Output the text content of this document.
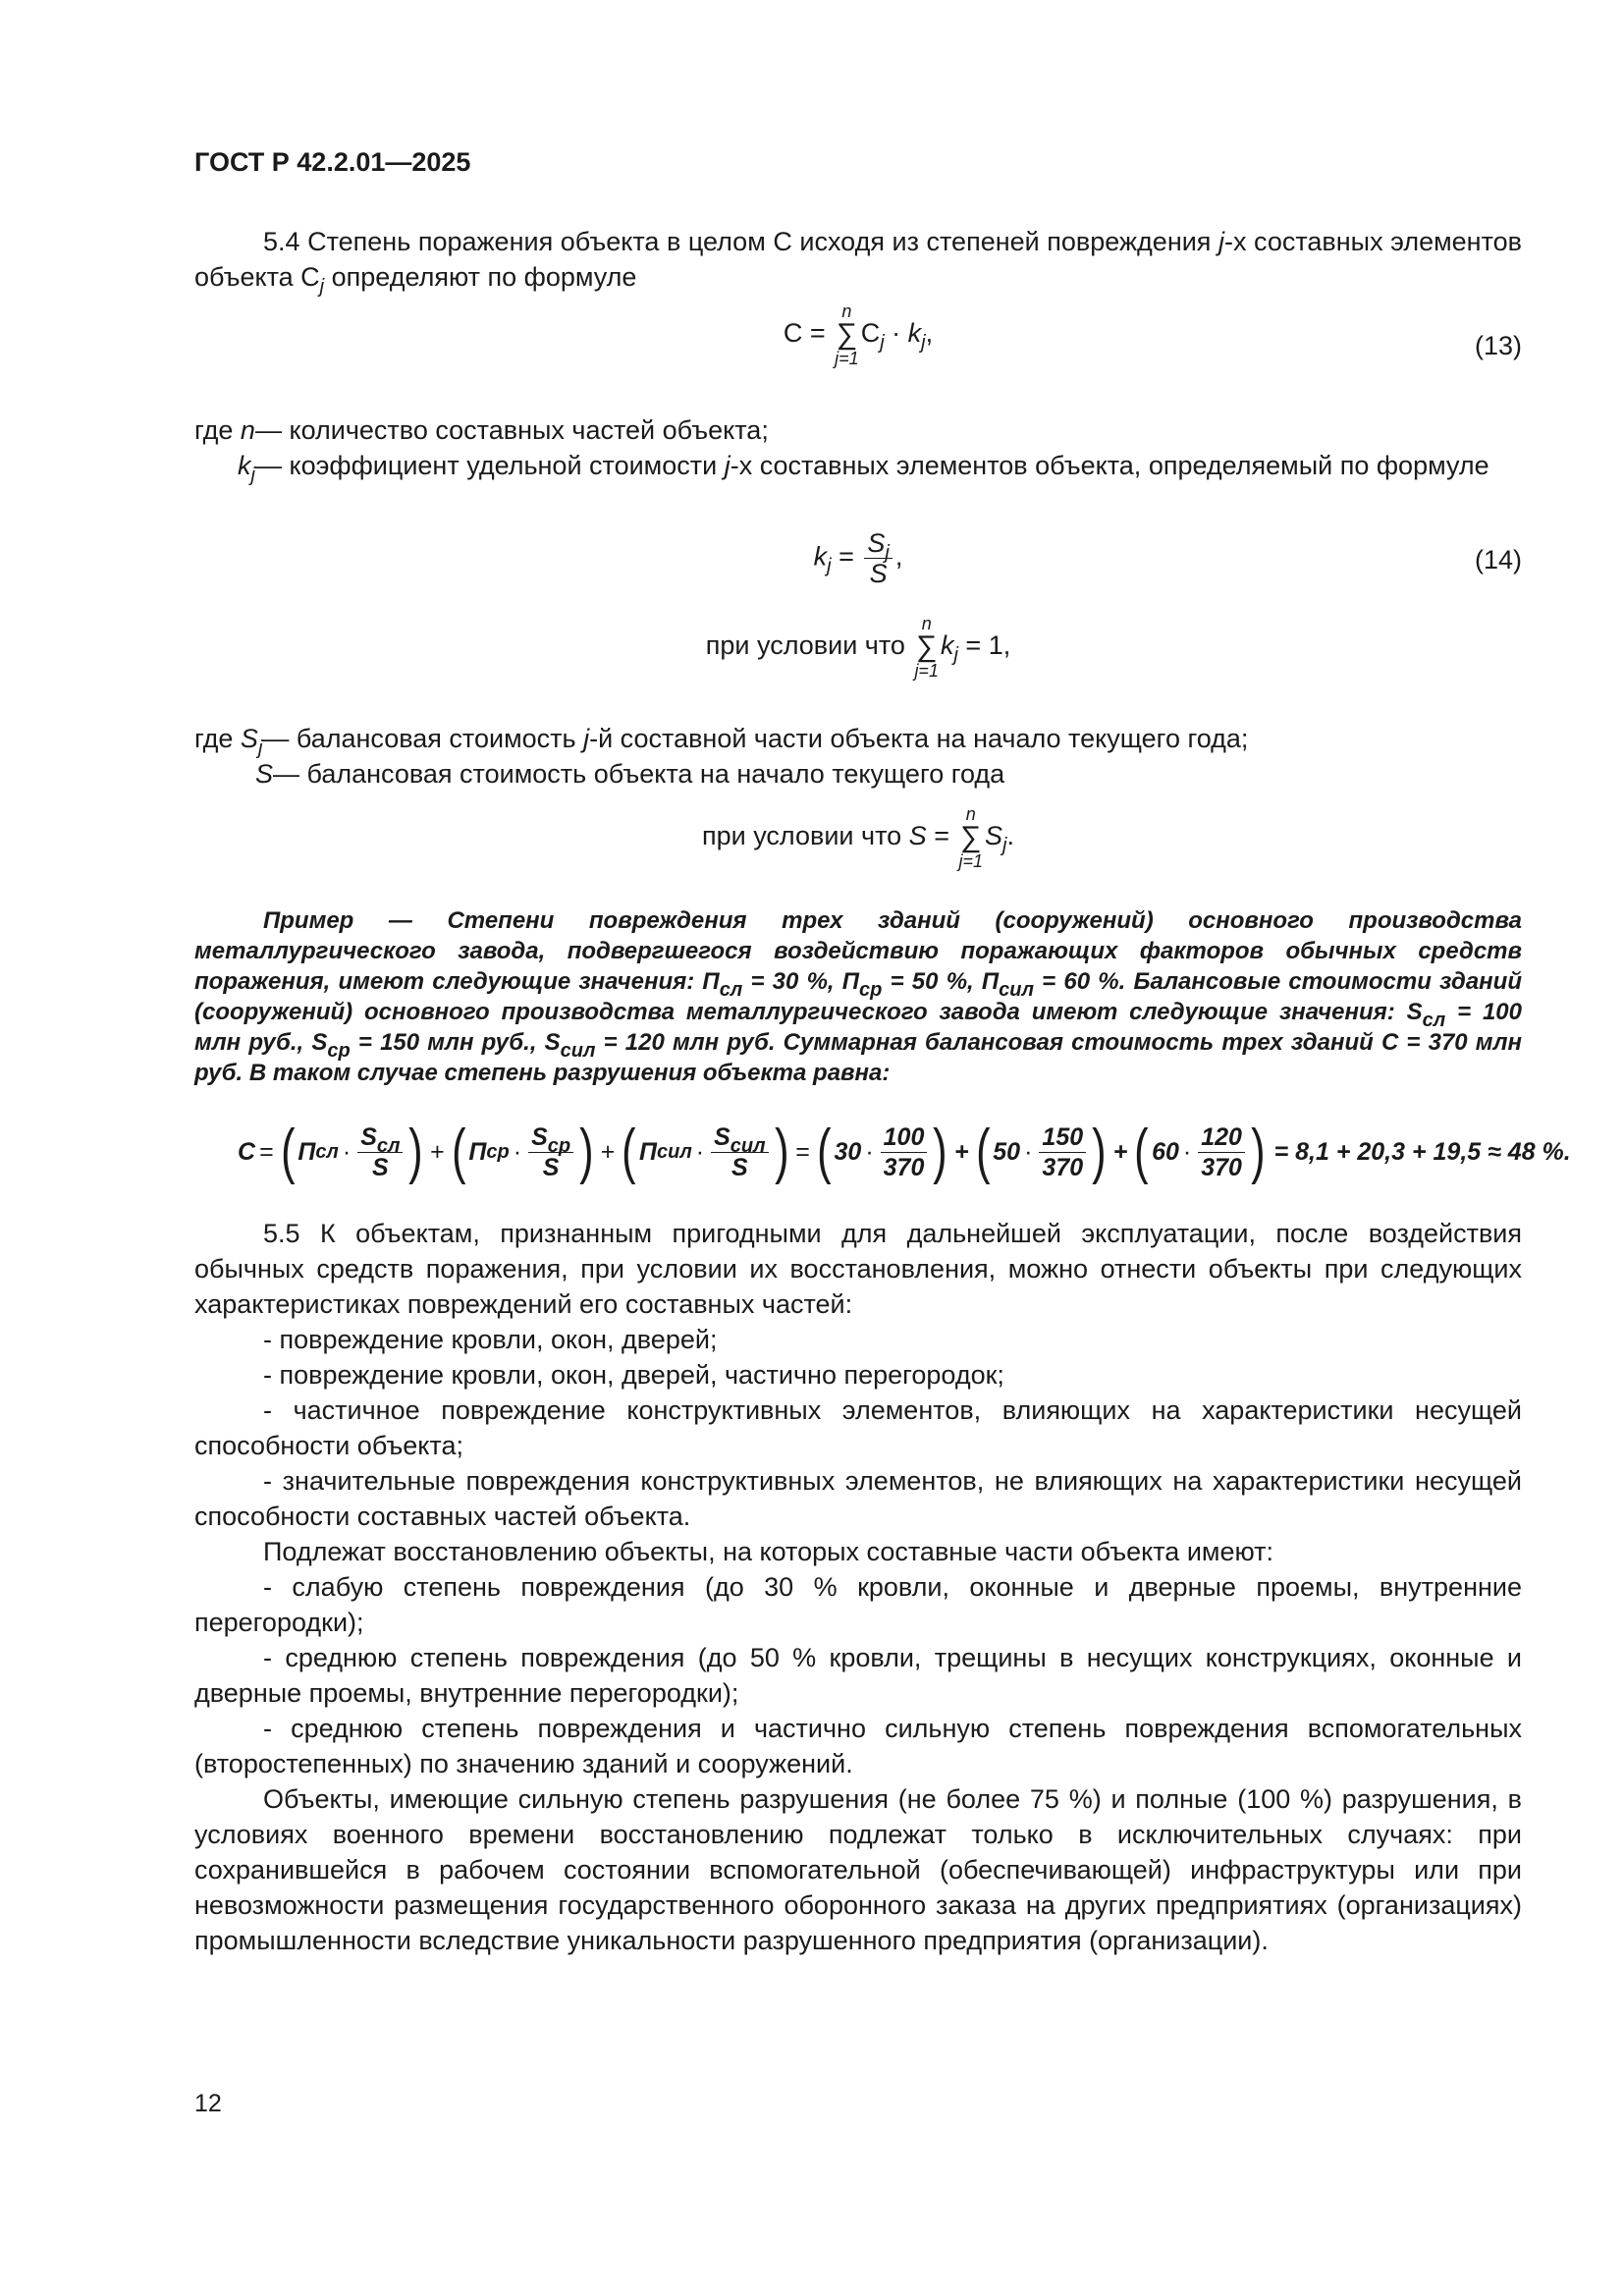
ГОСТ Р 42.2.01—2025

5.4 Степень поражения объекта в целом С исходя из степеней повреждения j-х составных элементов объекта $С_j$ определяют по формуле

С =
n
∑
j=1
$С_j \cdot k_j$,	(13)
где n — количество составных частей объекта;
$k_j$ — коэффициент удельной стоимости j-х составных элементов объекта, определяемый по формуле
$k_j = \frac{S_j}{S}$ ,	(14)
при условии что
n
∑
j=1
$k_j = 1$,
где $S_j$ — балансовая стоимость j-й составной части объекта на начало текущего года;
S — балансовая стоимость объекта на начало текущего года
при условии что S =
n
∑
j=1
$S_j$.

Пример — Степени повреждения трех зданий (сооружений) основного производства металлургического завода, подвергшегося воздействию поражающих факторов обычных средств поражения, имеют следующие значения: $П_{сл} = 30$ %, $П_{ср} = 50$ %, $П_{сил} = 60$ %. Балансовые стоимости зданий (сооружений) основного производства металлургического завода имеют следующие значения: $S_{сл} = 100$ млн руб., $S_{ср} = 150$ млн руб., $S_{сил} = 120$ млн руб. Суммарная балансовая стоимость трех зданий С = 370 млн руб. В таком случае степень разрушения объекта равна:

С = ( П сл · $\frac{S_{сл}}{S}$ ) + ( П ср · $\frac{S_{ср}}{S}$ ) + ( П сил · $\frac{S_{сил}}{S}$ ) = ( $30 \cdot \frac{100}{370}$ ) + ( $50 \cdot \frac{150}{370}$ ) + ( $60 \cdot \frac{120}{370}$ ) = 8,1 + 20,3 + 19,5 ≈ 48 %.

5.5 К объектам, признанным пригодными для дальнейшей эксплуатации, после воздействия обычных средств поражения, при условии их восстановления, можно отнести объекты при следующих характеристиках повреждений его составных частей:

- повреждение кровли, окон, дверей;

- повреждение кровли, окон, дверей, частично перегородок;

- частичное повреждение конструктивных элементов, влияющих на характеристики несущей способности объекта;

- значительные повреждения конструктивных элементов, не влияющих на характеристики несущей способности составных частей объекта.

Подлежат восстановлению объекты, на которых составные части объекта имеют:

- слабую степень повреждения (до 30 % кровли, оконные и дверные проемы, внутренние перегородки);

- среднюю степень повреждения (до 50 % кровли, трещины в несущих конструкциях, оконные и дверные проемы, внутренние перегородки);

- среднюю степень повреждения и частично сильную степень повреждения вспомогательных (второстепенных) по значению зданий и сооружений.

Объекты, имеющие сильную степень разрушения (не более 75 %) и полные (100 %) разрушения, в условиях военного времени восстановлению подлежат только в исключительных случаях: при сохранившейся в рабочем состоянии вспомогательной (обеспечивающей) инфраструктуры или при невозможности размещения государственного оборонного заказа на других предприятиях (организациях) промышленности вследствие уникальности разрушенного предприятия (организации).

12
